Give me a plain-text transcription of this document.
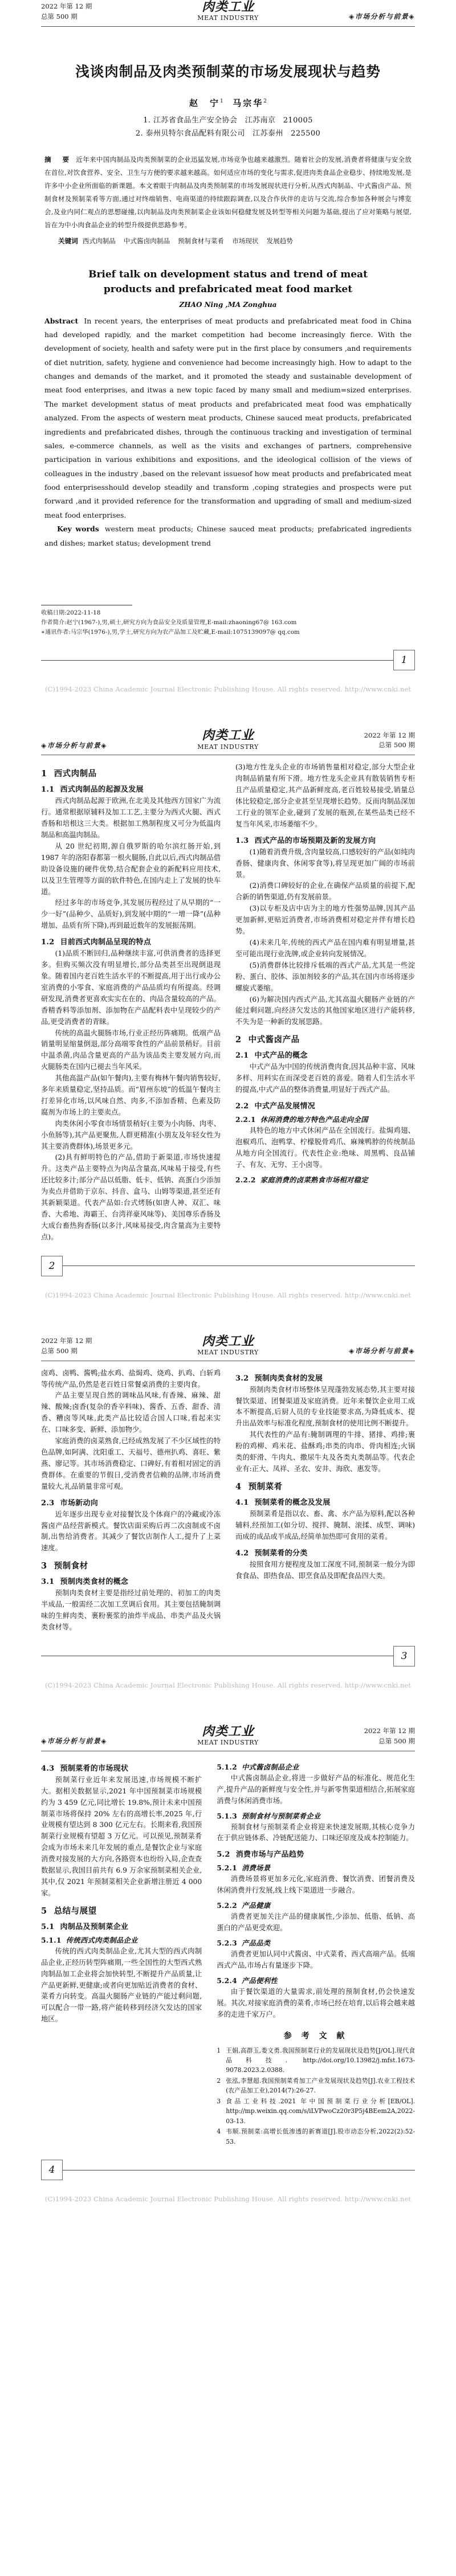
2022 年第 12 期
总第 500 期
肉类工业
MEAT INDUSTRY	◈市场分析与前景◈
浅谈肉制品及肉类预制菜的市场发展现状与趋势
赵　宁$^1$ 马宗华$^2$
1. 江苏省食品生产安全协会　江苏南京　210005
2. 泰州贝特尔食品配料有限公司　江苏泰州　225500
摘　要 近年来中国肉制品及肉类预制菜的企业迅猛发展,市场竞争也越来越激烈。随着社会的发展,消费者将健康与安全放在首位,对饮食营养、安全、卫生与方便的要求越来越高。如何适应市场的变化与需求,促进肉类食品企业稳步、持续地发展,是许多中小企业所面临的新课题。本文着眼于肉制品及肉类预制菜的市场发展现状进行分析,从西式肉制品、中式酱卤产品、预制食材及预制菜肴等方面,通过对终端销售、电商渠道的持续跟踪调查,以及合作伙伴的走访与交流,综合参加各种展会与博览会,及业内同仁观点的思想碰撞,以肉制品及肉类预制菜企业该如何稳健发展及转型等相关问题为基础,提出了应对策略与展望,旨在为中小肉食品企业的转型升级提供思路参考。
关键词 西式肉制品 中式酱卤肉制品 预制食材与菜肴 市场现状 发展趋势
Brief talk on development status and trend of meat
products and prefabricated meat food market
ZHAO Ning ,MA Zonghua
Abstract In recent years, the enterprises of meat products and prefabricated meat food in China had developed rapidly, and the market competition had become increasingly fierce. With the development of society, health and safety were put in the first place by consumers ,and requirements of diet nutrition, safety, hygiene and convenience had become increasingly high. How to adapt to the changes and demands of the market, and it promoted the steady and sustainable development of meat food enterprises, and itwas a new topic faced by many small and medium=sized enterprises. The market development status of meat products and prefabricated meat food was emphatically analyzed. From the aspects of western meat products, Chinese sauced meat products, prefabricated ingredients and prefabricated dishes, through the continuous tracking and investigation of terminal sales, e-commerce channels, as well as the visits and exchanges of partners, comprehensive participation in various exhibitions and expositions, and the ideological collision of the views of colleagues in the industry ,based on the relevant issuesof how meat products and prefabricated meat food enterprisesshould develop steadily and transform ,coping strategies and prospects were put forward ,and it provided reference for the transformation and upgrading of small and medium-sized meat food enterprises.
Key words western meat products; Chinese sauced meat products; prefabricated ingredients and dishes; market status; development trend
收稿日期:2022-11-18
作者简介:赵宁(1967-),男,硕士,研究方向为食品安全及质量管理,E-mail:zhaoning67@ 163.com
∗通讯作者:马宗华(1976-),男,学士,研究方向为农产品加工及贮藏,E-mail:1075139097@ qq.com
1
(C)1994-2023 China Academic Journal Electronic Publishing House. All rights reserved. http://www.cnki.net
◈市场分析与前景◈
肉类工业
MEAT INDUSTRY
2022 年第 12 期
总第 500 期
1 西式肉制品
1.1 西式肉制品的起源及发展

西式肉制品起源于欧洲,在北美及其他西方国家广为流行。通常根据原辅料及加工工艺,主要分为西式火腿、西式香肠和培根这三大类。根据加工熟制程度又可分为低温肉制品和高温肉制品。

从 20 世纪初期,源自俄罗斯的哈尔滨红肠开始,到 1987 年的洛阳春都第一根火腿肠,自此以后,西式肉制品借助设备设施的硬件优势,结合配套企业的新配料应用技术,以及卫生管理等方面的软件特色,在国内走上了发展的快车道。

经过多年的市场竞争,其发展历程经过了从早期的“一少一好”(品种少、品质好),到发展中期的“一增一降”(品种增加、品质有所下降),再到最近数年的发展振荡期。

1.2 目前西式肉制品呈现的特点

(1)品质不断回归,品种继续丰富,可供消费者的选择更多。但购买频次没有明显增长,部分品类甚至出现倒退现象。随着国内老百姓生活水平的不断提高,用于出行或办公室消费的小零食、家庭消费的产品品质均有所提高。经调研发现,消费者更喜欢实实在在的、肉品含量较高的产品。香精香料等添加剂、添加物在产品配料表中呈现较少的产品,更受消费者的青睐。

传统的高温火腿肠市场,行业正经历阵痛期。低端产品销量明显缩量倒退,部分高端零食性的产品前景稍好。目前中温杀菌,肉品含量更高的产品为该品类主要发展方向,而火腿肠类在国内已褪去当年风采。

其他高温产品(如午餐肉),主要有梅林午餐肉销售较好,多年来质量稳定,坚持品质。而“眉州东坡”的低温午餐肉主打差异化市场,以风味自然、肉多,不添加香精、色素及防腐剂为市场上的主要卖点。

肉类休闲小零食市场情景稍好(主要为小肉肠、肉枣、小鱼肠等),其产品更聚焦,人群更精准(小朋友及年轻女性为其主要消费群体),场景更多元。

(2)具有鲜明特色的产品,借助于新渠道,市场快速提升。这类产品主要特点为肉品含量高,风味易于接受,有些还比较多汁;部分产品以低脂、低卡、低钠、高蛋白少添加为卖点并借助于京东、抖音、盒马、山姆等渠道,甚至还有其新颖渠道。代表产品如:台式烤肠(如唐人神、双汇、味香、大希地、海霸王、台湾祥豪风味等)、美国尊乐香肠及大成台畜热狗香肠(以多汁,风味易接受,肉含量高为主要特点)。

(3)地方性龙头企业的市场销售量相对稳定,部分大型企业肉制品销量有所下滑。地方性龙头企业具有散装销售专柜且产品质量稳定,其产品新鲜度高,老百姓较易接受,销量总体比较稳定,部分企业甚至呈现增长趋势。反而肉制品深加工行业的领军企业,碰到了发展的瓶颈,在某些品类已经不复当年风采,市场萎缩不少。

1.3 西式产品的市场预期及新的发展方向

(1)随着消费升级,含肉量较高,口感较好的产品(如纯肉香肠、健康肉食、休闲零食等),将呈现更加广阔的市场前景。

(2)消费口碑较好的企业,在确保产品质量的前提下,配合新的销售渠道,仍有发展前景。

(3)以专柜及店中店为主的地方性强势品牌,因其产品更加新鲜,更贴近消费者,市场消费相对稳定并伴有增长趋势。

(4)未来几年,传统的西式产品在国内难有明显增量,甚至可能出现行业洗牌,或企业转向发展情况。

(5)消费群体比较排斥低端的西式产品,尤其是一些淀粉、蛋白、胶体、添加剂较多的产品,其在国内市场将逐步螺旋式萎缩。

(6)为解决国内西式产品,尤其高温火腿肠产业链的产能过剩问题,向经济欠发达的其他国家地区进行产能转移,不失为是一种新的发展思路。

2 中式酱卤产品
2.1 中式产品的概念

中式产品为中国的传统消费肉食,因其品种丰富、风味多样、用料实在而深受老百姓的喜爱。随着人们生活水平的提高,中式产品的整体消费量,明显好于西式产品。

2.2 中式产品发展情况
2.2.1 休闲消费的地方特色产品走向全国

具特色的地方中式休闲产品在全国流行。盐焗鸡翅、泡椒鸡爪、泡鸭掌、柠檬脱骨鸡爪、麻辣鸭脖的传统制品从地方向全国流行。代表性企业:绝味、周黑鸭、良品铺子、有友、无穷、王小卤等。

2.2.2 家庭消费的卤菜熟食市场相对稳定
2
(C)1994-2023 China Academic Journal Electronic Publishing House. All rights reserved. http://www.cnki.net
2022 年第 12 期
总第 500 期
肉类工业
MEAT INDUSTRY	◈市场分析与前景◈

卤鸡、卤鸭、酱鸭;盐水鸡、盐焗鸡、烧鸡、扒鸡、白斩鸡等传统产品,仍然是老百姓日常餐桌消费的主要肉食。

产品主要呈现自然的调味品风味,有香辣、麻辣、甜辣、酸辣;卤香(复杂的香辛料味)、酱香、五香、甜香、清香、糟卤等风味,此类产品比较适合国人口味,看起来实在、口味多变、新鲜、添加物少。

家庭消费的卤菜熟食,已经成熟发展了不少区域性的特色品牌,如阿满、沈阳重工、天福号、德州扒鸡、喜旺、紫燕、廖记等。其市场消费稳定、口碑好,有着相对固定的消费群体。在重要的节假日,受消费者信赖的品牌,市场消费量较大,礼品销量非常可观。

2.3 市场新动向

近年逐步出现专业对接餐饮及个体商户的冷藏或冷冻酱卤产品经营新模式。餐饮店面采购后再二次卤制或不卤制,出售给消费者。其减少了餐饮店制作人工,提升了上菜速度。

3 预制食材
3.1 预制肉类食材的概念

预制肉类食材主要是指经过前处理的、初加工的肉类半成品,一般需经二次加工烹调后食用。其主要包括腌制调味的生鲜肉类、裹粉裹浆的油炸半成品、串类产品及火锅类食材等。

3.2 预制肉类食材的发展

预制肉类食材市场整体呈现蓬勃发展态势,其主要对接餐饮渠道、团餐渠道及家庭消费。近年来餐饮企业用工成本不断提高,后厨人员的专业技能要求高,为降低成本、提升出品效率与标准化程度,预制食材的使用比例不断提升。

其代表性的产品有:腌制调理的牛排、猪排、鸡排;裹粉的鸡柳、鸡米花、盐酥鸡;串类的肉串、骨肉相连;火锅类的虾滑、牛肉丸、撒尿牛丸及各类丸类制品等。代表企业有:正大、凤祥、圣农、安井、海欣、惠发等。

4 预制菜肴
4.1 预制菜肴的概念及发展

预制菜肴是指以农、畜、禽、水产品为原料,配以各种辅料,经预加工(如分切、搅拌、腌制、滚揉、成型、调味)而成的成品或半成品,经简单加热即可食用的菜肴。

4.2 预制菜肴的分类

按照食用方便程度及加工深度不同,预制菜一般分为即食食品、即热食品、即烹食品及即配食品四大类。

3
(C)1994-2023 China Academic Journal Electronic Publishing House. All rights reserved. http://www.cnki.net
◈市场分析与前景◈
肉类工业
MEAT INDUSTRY
2022 年第 12 期
总第 500 期
4.3 预制菜肴的市场现状

预制菜行业近年来发展迅速,市场规模不断扩大。据相关数据显示,2021 年中国预制菜市场规模约为 3 459 亿元,同比增长 19.8%,预计未来中国预制菜市场将保持 20% 左右的高增长率,2025 年,行业规模有望达到 8 300 亿元左右。长期来看,我国预制菜行业规模有望超 3 万亿元。可以预见,预制菜肴会成为市场未来几年发展的重点,是餐饮企业与家庭消费对接发展的大方向,各路资本也纷纷入局,企查查数据显示,我国目前共有 6.9 万余家预制菜相关企业,其中,仅 2021 年预制菜相关企业新增注册近 4 000 家。

5 总结与展望
5.1 肉制品及预制菜企业
5.1.1 传统西式肉类制品企业

传统的西式肉类制品企业,尤其大型的西式肉制品企业,正经历转型阵痛期,一些全国性的大型西式熟肉制品加工企业将会加快转型,不断提升产品质量,让产品更新鲜,更健康;或者向更加贴近消费者的食材、菜肴方向转变。高温火腿肠产业链的产能过剩问题,可以配合一带一路,将产能转移到经济欠发达的国家地区。

5.1.2 中式酱卤制品企业

中式酱卤制品企业,将进一步做好产品的标准化、规范化生产,提升产品的新鲜度与安全性,并与新零售渠道相结合,拓展家庭消费与休闲消费市场。

5.1.3 预制食材与预制菜肴企业

预制食材与预制菜肴企业将迎来快速发展期,其核心竞争力在于供应链体系、冷链配送能力、口味还原度及成本控制能力。

5.2 消费市场与产品趋势
5.2.1 消费场景

消费场景将更加多元化,家庭消费、餐饮消费、团餐消费及休闲消费并行发展,线上线下渠道进一步融合。

5.2.2 产品健康

消费者更加关注产品的健康属性,少添加、低脂、低钠、高蛋白的产品更受欢迎。

5.2.3 产品品类

消费者更加认同中式酱卤、中式菜肴、西式高端产品。低端西式产品,市场占有量逐步下降。

5.2.4 产品便利性

由于餐饮渠道的大量需求,前处理的预制食材,仍会快速发展。其次,对接家庭消费的菜肴,市场已经在培育,以后将会越来越多的走进千家万户。

参 考 文 献
1 王娟,高群玉,娄文勇.我国预制菜行业的发展现状及趋势[J/OL].现代食品科技. http://doi.org/10.13982/j.mfst.1673-9078.2023.2.0388.
2 张泓,李慧超.我国预制菜肴加工产业发展现状及趋势[J].农业工程技术(农产品加工业),2014(7):26-27.
3 食品工业科技.2021 年中国预制菜行业分析[EB/OL]. http://mp.weixin.qq.com/s/iLVPwoCz20r3P5j4BEem2A,2022-03-13.
4 韦顺.预制菜:高增长低渗透的新赛道[J].股市动态分析,2022(2):52-53.
4
(C)1994-2023 China Academic Journal Electronic Publishing House. All rights reserved. http://www.cnki.net
